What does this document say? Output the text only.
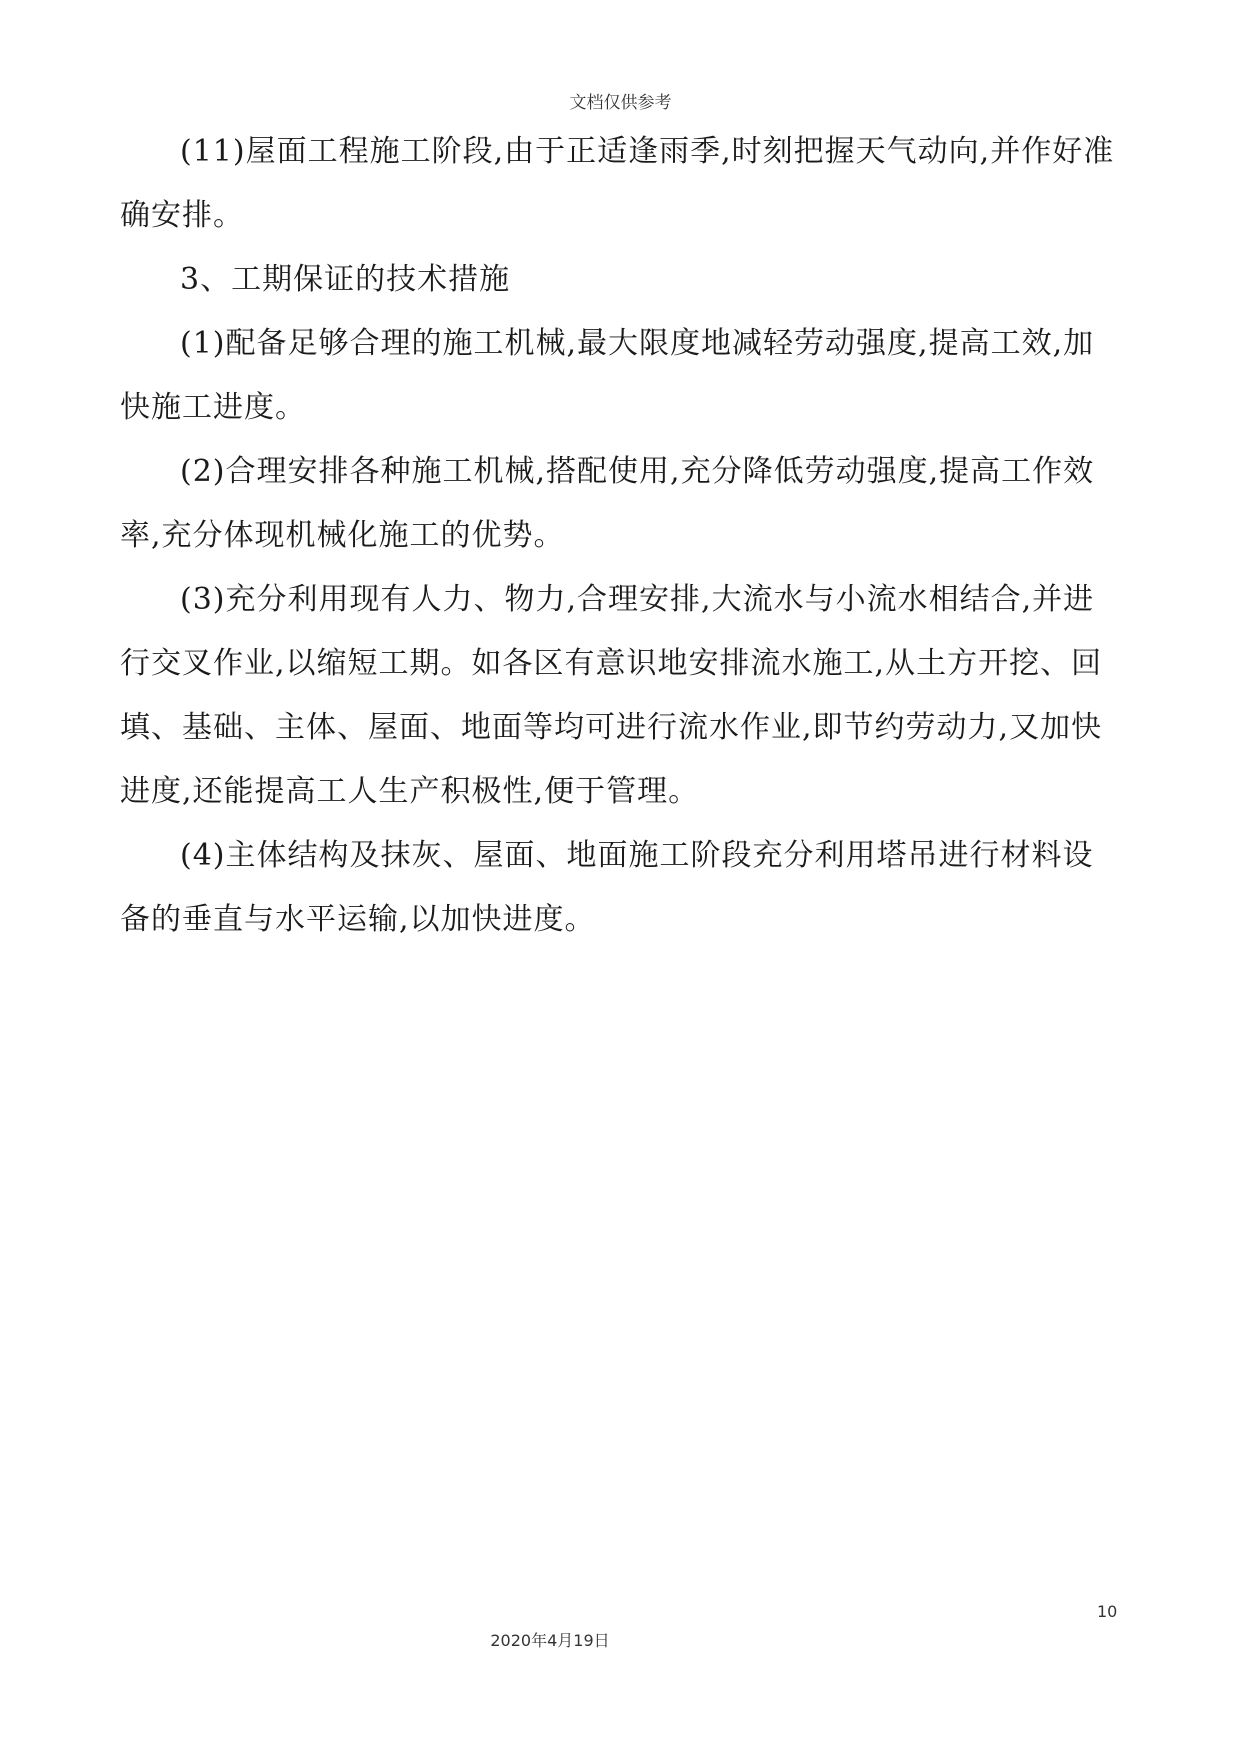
文档仅供参考

(11)屋面工程施工阶段,由于正适逢雨季,时刻把握天气动向,并作好准确安排。

3、工期保证的技术措施

(1)配备足够合理的施工机械,最大限度地减轻劳动强度,提高工效,加快施工进度。

(2)合理安排各种施工机械,搭配使用,充分降低劳动强度,提高工作效率,充分体现机械化施工的优势。

(3)充分利用现有人力、物力,合理安排,大流水与小流水相结合,并进行交叉作业,以缩短工期。如各区有意识地安排流水施工,从土方开挖、回填、基础、主体、屋面、地面等均可进行流水作业,即节约劳动力,又加快进度,还能提高工人生产积极性,便于管理。

(4)主体结构及抹灰、屋面、地面施工阶段充分利用塔吊进行材料设备的垂直与水平运输,以加快进度。

10
2020年4月19日
